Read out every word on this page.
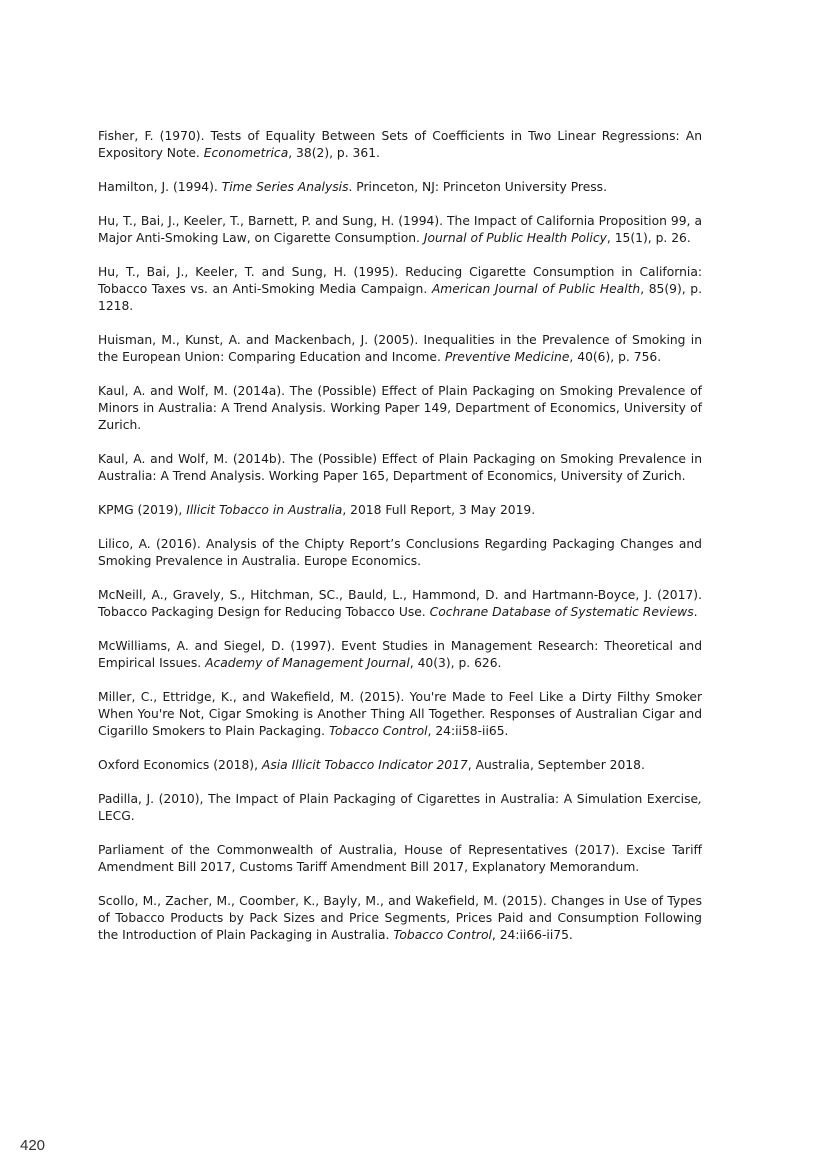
Fisher, F. (1970). Tests of Equality Between Sets of Coefficients in Two Linear Regressions: An Expository Note. Econometrica, 38(2), p. 361.

Hamilton, J. (1994). Time Series Analysis. Princeton, NJ: Princeton University Press.

Hu, T., Bai, J., Keeler, T., Barnett, P. and Sung, H. (1994). The Impact of California Proposition 99, a Major Anti-Smoking Law, on Cigarette Consumption. Journal of Public Health Policy, 15(1), p. 26.

Hu, T., Bai, J., Keeler, T. and Sung, H. (1995). Reducing Cigarette Consumption in California: Tobacco Taxes vs. an Anti-Smoking Media Campaign. American Journal of Public Health, 85(9), p. 1218.

Huisman, M., Kunst, A. and Mackenbach, J. (2005). Inequalities in the Prevalence of Smoking in the European Union: Comparing Education and Income. Preventive Medicine, 40(6), p. 756.

Kaul, A. and Wolf, M. (2014a). The (Possible) Effect of Plain Packaging on Smoking Prevalence of Minors in Australia: A Trend Analysis. Working Paper 149, Department of Economics, University of Zurich.

Kaul, A. and Wolf, M. (2014b). The (Possible) Effect of Plain Packaging on Smoking Prevalence in Australia: A Trend Analysis. Working Paper 165, Department of Economics, University of Zurich.

KPMG (2019), Illicit Tobacco in Australia, 2018 Full Report, 3 May 2019.

Lilico, A. (2016). Analysis of the Chipty Report’s Conclusions Regarding Packaging Changes and Smoking Prevalence in Australia. Europe Economics.

McNeill, A., Gravely, S., Hitchman, SC., Bauld, L., Hammond, D. and Hartmann-Boyce, J. (2017). Tobacco Packaging Design for Reducing Tobacco Use. Cochrane Database of Systematic Reviews.

McWilliams, A. and Siegel, D. (1997). Event Studies in Management Research: Theoretical and Empirical Issues. Academy of Management Journal, 40(3), p. 626.

Miller, C., Ettridge, K., and Wakefield, M. (2015). You're Made to Feel Like a Dirty Filthy Smoker When You're Not, Cigar Smoking is Another Thing All Together. Responses of Australian Cigar and Cigarillo Smokers to Plain Packaging. Tobacco Control, 24:ii58-ii65.

Oxford Economics (2018), Asia Illicit Tobacco Indicator 2017, Australia, September 2018.

Padilla, J. (2010), The Impact of Plain Packaging of Cigarettes in Australia: A Simulation Exercise, LECG.

Parliament of the Commonwealth of Australia, House of Representatives (2017). Excise Tariff Amendment Bill 2017, Customs Tariff Amendment Bill 2017, Explanatory Memorandum.

Scollo, M., Zacher, M., Coomber, K., Bayly, M., and Wakefield, M. (2015). Changes in Use of Types of Tobacco Products by Pack Sizes and Price Segments, Prices Paid and Consumption Following the Introduction of Plain Packaging in Australia. Tobacco Control, 24:ii66-ii75.

420
